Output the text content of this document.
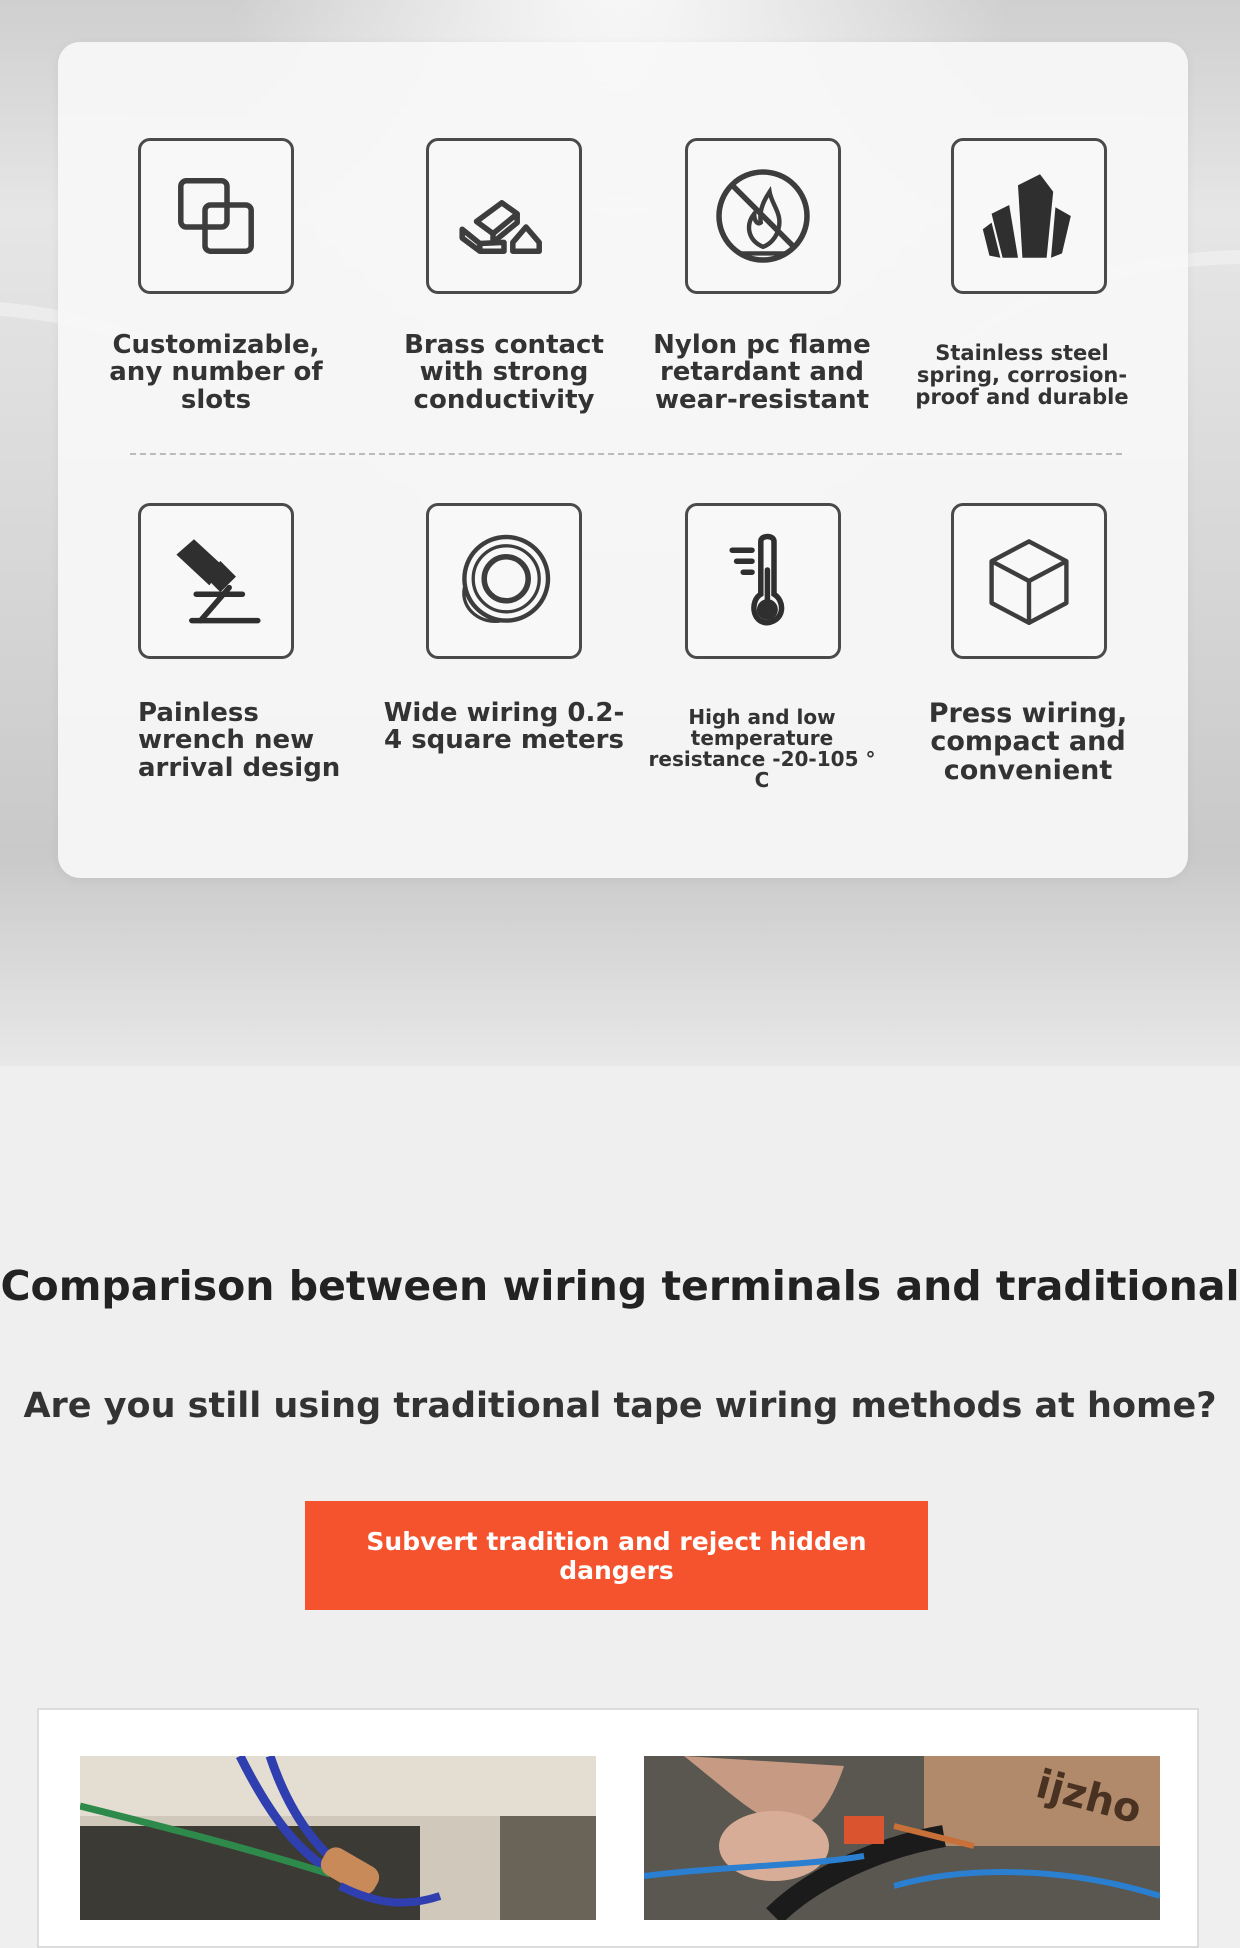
Customizable, any number of slots
Brass contact with strong conductivity
Nylon pc flame retardant and wear-resistant
Stainless steel spring, corrosion-proof and durable
Painless wrench new arrival design
Wide wiring 0.2-4 square meters
High and low temperature resistance -20-105 ° C
Press wiring, compact and convenient
Comparison between wiring terminals and traditional
Are you still using traditional tape wiring methods at home?
Subvert tradition and reject hidden dangers
ijzho
